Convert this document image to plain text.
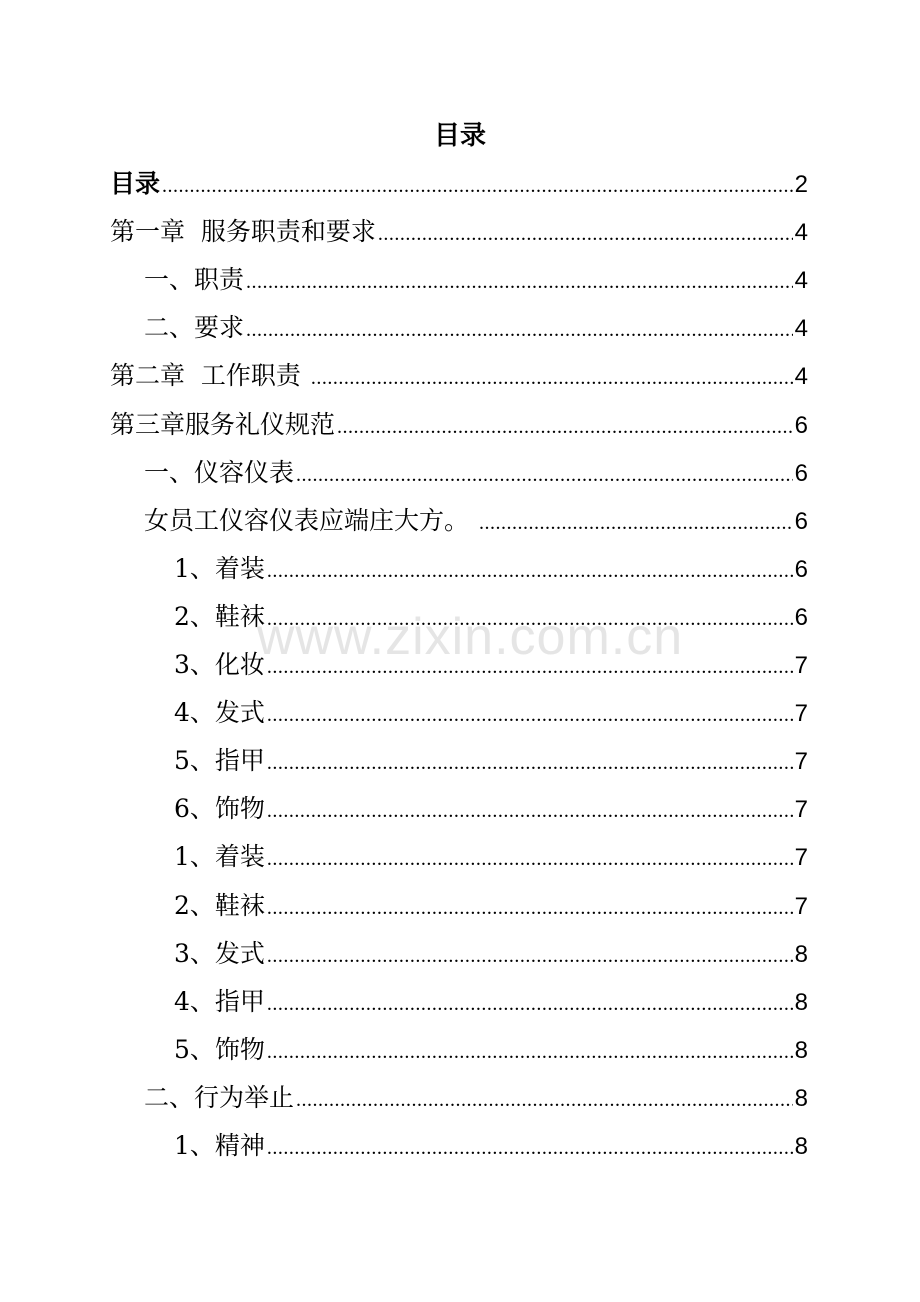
目录
目录 .....	2
第一章  服务职责和要求 .....	4
一、职责 .....	4
二、要求 .....	4
第二章  工作职责 .....	4
第三章服务礼仪规范 .....	6
一、仪容仪表 .....	6
女员工仪容仪表应端庄大方。 .....	6
1、着装 .....	6
2、鞋袜 .....	6
3、化妆 .....	7
4、发式 .....	7
5、指甲 .....	7
6、饰物 .....	7
1、着装 .....	7
2、鞋袜 .....	7
3、发式 .....	8
4、指甲 .....	8
5、饰物 .....	8
二、行为举止 .....	8
1、精神 .....	8
www.zixin.com.cn
